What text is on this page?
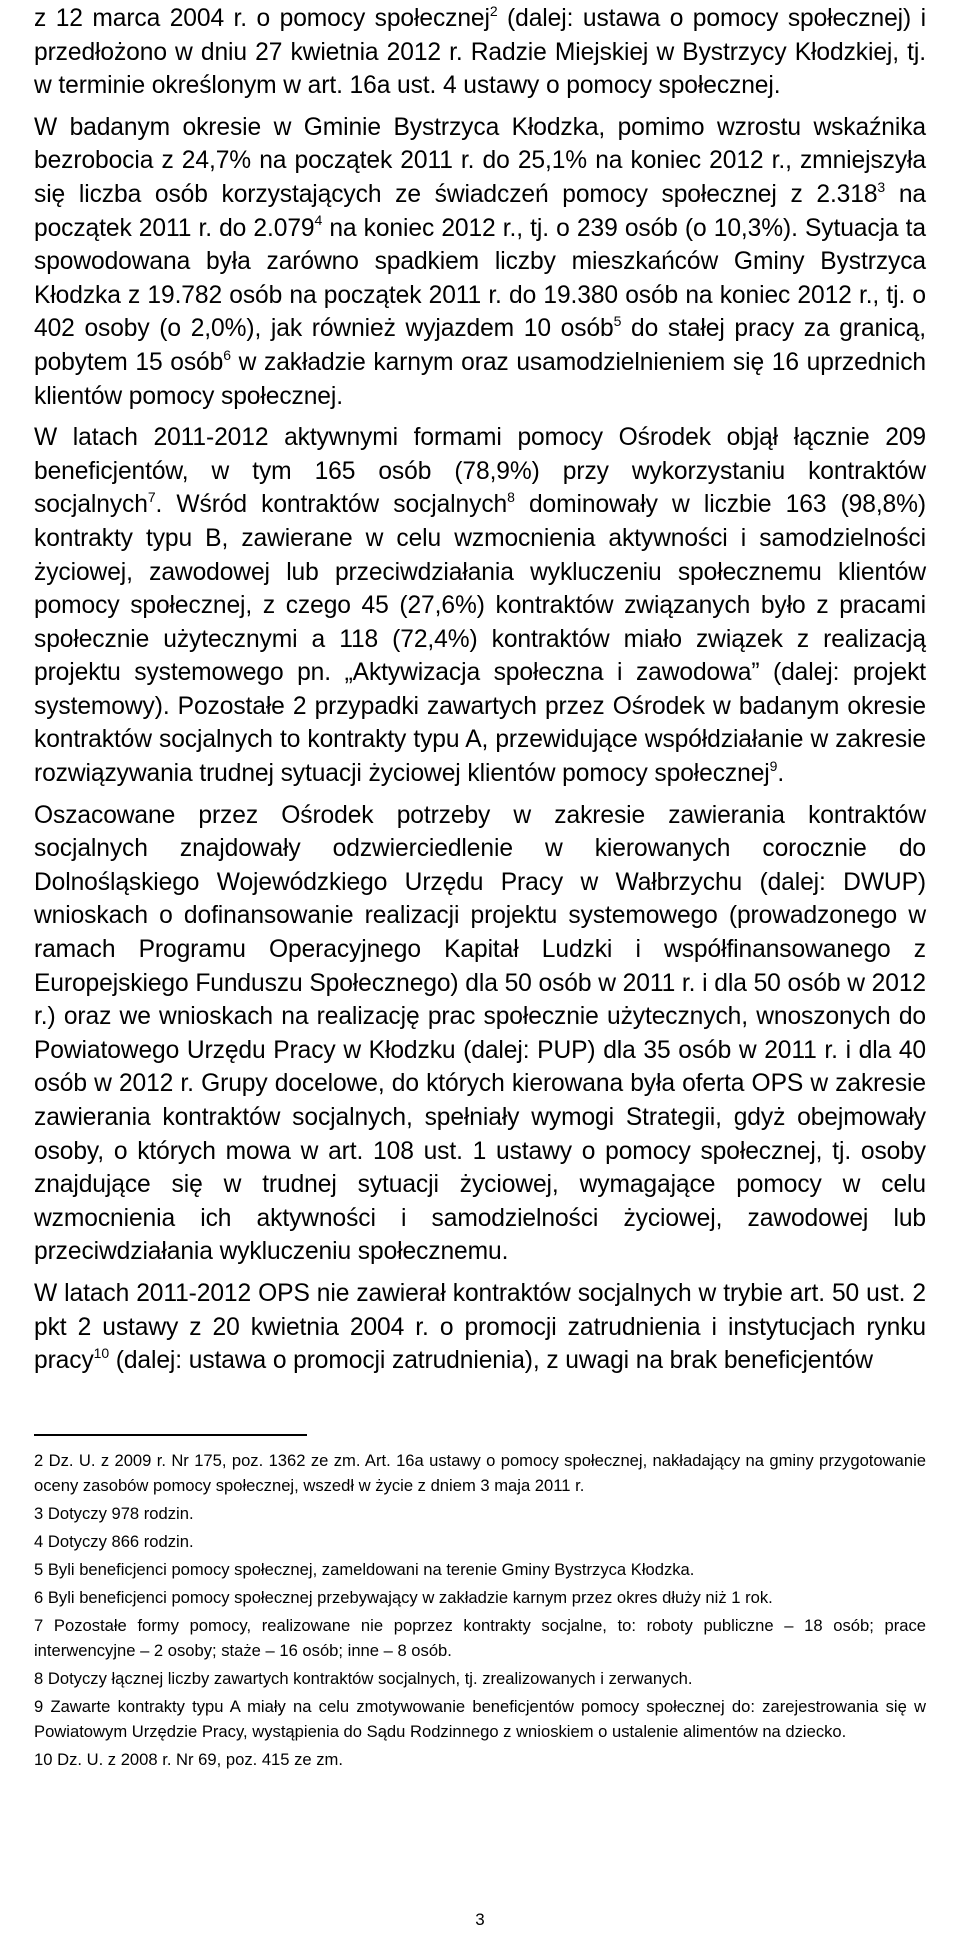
z 12 marca 2004 r. o pomocy społecznej$^2$ (dalej: ustawa o pomocy społecznej) i przedłożono w dniu 27 kwietnia 2012 r. Radzie Miejskiej w Bystrzycy Kłodzkiej, tj. w terminie określonym w art. 16a ust. 4 ustawy o pomocy społecznej.

W badanym okresie w Gminie Bystrzyca Kłodzka, pomimo wzrostu wskaźnika bezrobocia z 24,7% na początek 2011 r. do 25,1% na koniec 2012 r., zmniejszyła się liczba osób korzystających ze świadczeń pomocy społecznej z 2.318$^3$ na początek 2011 r. do 2.079$^4$ na koniec 2012 r., tj. o 239 osób (o 10,3%). Sytuacja ta spowodowana była zarówno spadkiem liczby mieszkańców Gminy Bystrzyca Kłodzka z 19.782 osób na początek 2011 r. do 19.380 osób na koniec 2012 r., tj. o 402 osoby (o 2,0%), jak również wyjazdem 10 osób$^5$ do stałej pracy za granicą, pobytem 15 osób$^6$ w zakładzie karnym oraz usamodzielnieniem się 16 uprzednich klientów pomocy społecznej.

W latach 2011-2012 aktywnymi formami pomocy Ośrodek objął łącznie 209 beneficjentów, w tym 165 osób (78,9%) przy wykorzystaniu kontraktów socjalnych$^7$. Wśród kontraktów socjalnych$^8$ dominowały w liczbie 163 (98,8%) kontrakty typu B, zawierane w celu wzmocnienia aktywności i samodzielności życiowej, zawodowej lub przeciwdziałania wykluczeniu społecznemu klientów pomocy społecznej, z czego 45 (27,6%) kontraktów związanych było z pracami społecznie użytecznymi a 118 (72,4%) kontraktów miało związek z realizacją projektu systemowego pn. „Aktywizacja społeczna i zawodowa” (dalej: projekt systemowy). Pozostałe 2 przypadki zawartych przez Ośrodek w badanym okresie kontraktów socjalnych to kontrakty typu A, przewidujące współdziałanie w zakresie rozwiązywania trudnej sytuacji życiowej klientów pomocy społecznej$^9$.

Oszacowane przez Ośrodek potrzeby w zakresie zawierania kontraktów socjalnych znajdowały odzwierciedlenie w kierowanych corocznie do Dolnośląskiego Wojewódzkiego Urzędu Pracy w Wałbrzychu (dalej: DWUP) wnioskach o dofinansowanie realizacji projektu systemowego (prowadzonego w ramach Programu Operacyjnego Kapitał Ludzki i współfinansowanego z Europejskiego Funduszu Społecznego) dla 50 osób w 2011 r. i dla 50 osób w 2012 r.) oraz we wnioskach na realizację prac społecznie użytecznych, wnoszonych do Powiatowego Urzędu Pracy w Kłodzku (dalej: PUP) dla 35 osób w 2011 r. i dla 40 osób w 2012 r. Grupy docelowe, do których kierowana była oferta OPS w zakresie zawierania kontraktów socjalnych, spełniały wymogi Strategii, gdyż obejmowały osoby, o których mowa w art. 108 ust. 1 ustawy o pomocy społecznej, tj. osoby znajdujące się w trudnej sytuacji życiowej, wymagające pomocy w celu wzmocnienia ich aktywności i samodzielności życiowej, zawodowej lub przeciwdziałania wykluczeniu społecznemu.

W latach 2011-2012 OPS nie zawierał kontraktów socjalnych w trybie art. 50 ust. 2 pkt 2 ustawy z 20 kwietnia 2004 r. o promocji zatrudnienia i instytucjach rynku pracy$^{10}$ (dalej: ustawa o promocji zatrudnienia), z uwagi na brak beneficjentów

2 Dz. U. z 2009 r. Nr 175, poz. 1362 ze zm. Art. 16a ustawy o pomocy społecznej, nakładający na gminy przygotowanie oceny zasobów pomocy społecznej, wszedł w życie z dniem 3 maja 2011 r.
3 Dotyczy 978 rodzin.
4 Dotyczy 866 rodzin.
5 Byli beneficjenci pomocy społecznej, zameldowani na terenie Gminy Bystrzyca Kłodzka.
6 Byli beneficjenci pomocy społecznej przebywający w zakładzie karnym przez okres dłuży niż 1 rok.
7 Pozostałe formy pomocy, realizowane nie poprzez kontrakty socjalne, to: roboty publiczne – 18 osób; prace interwencyjne – 2 osoby; staże – 16 osób; inne – 8 osób.
8 Dotyczy łącznej liczby zawartych kontraktów socjalnych, tj. zrealizowanych i zerwanych.
9 Zawarte kontrakty typu A miały na celu zmotywowanie beneficjentów pomocy społecznej do: zarejestrowania się w Powiatowym Urzędzie Pracy, wystąpienia do Sądu Rodzinnego z wnioskiem o ustalenie alimentów na dziecko.
10 Dz. U. z 2008 r. Nr 69, poz. 415 ze zm.
3
